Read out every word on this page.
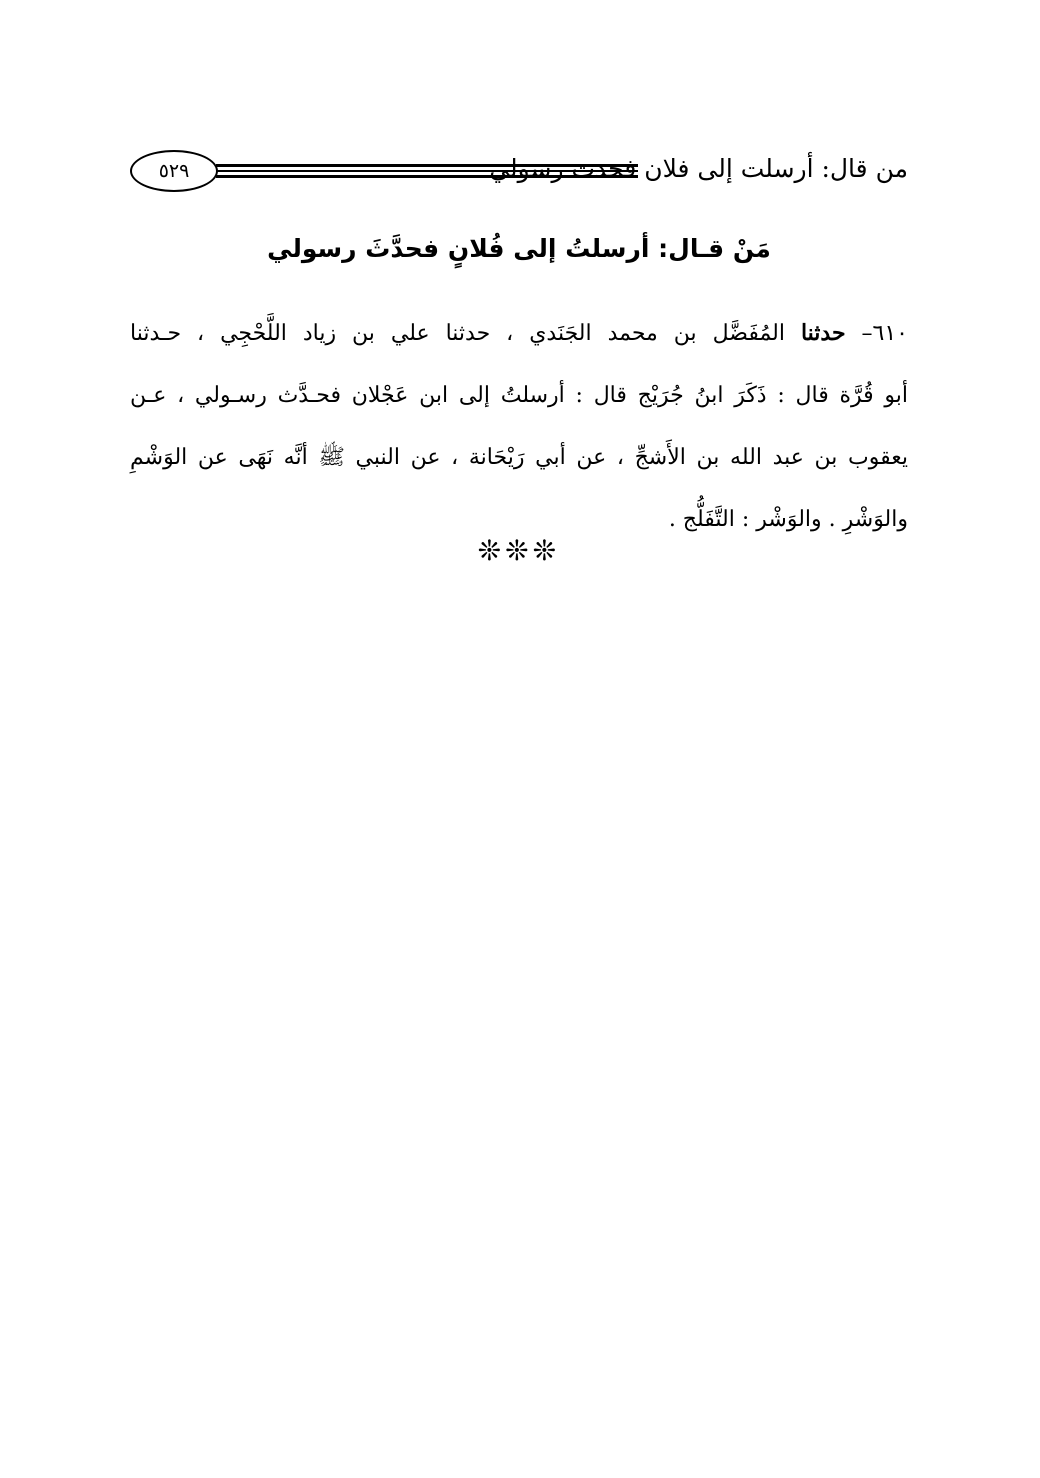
٥٢٩	من قال: أرسلت إلى فلان فحدث رسولي
مَنْ قـال: أرسلتُ إلى فُلانٍ فحدَّثَ رسولي
٦١٠– حدثنا المُفَضَّل بن محمد الجَنَدي ، حدثنا علي بن زياد اللَّحْجِي ، حـدثنا
أبو قُرَّة قال : ذَكَرَ ابنُ جُرَيْج قال : أرسلتُ إلى ابن عَجْلان فحـدَّث رسـولي ، عـن
يعقوب بن عبد الله بن الأَشجِّ ، عن أبي رَيْحَانة ، عن النبي ﷺ أنَّه نَهَى عن الوَشْمِ
والوَشْرِ . والوَشْر : التَّفَلُّج .
❊❊❊
